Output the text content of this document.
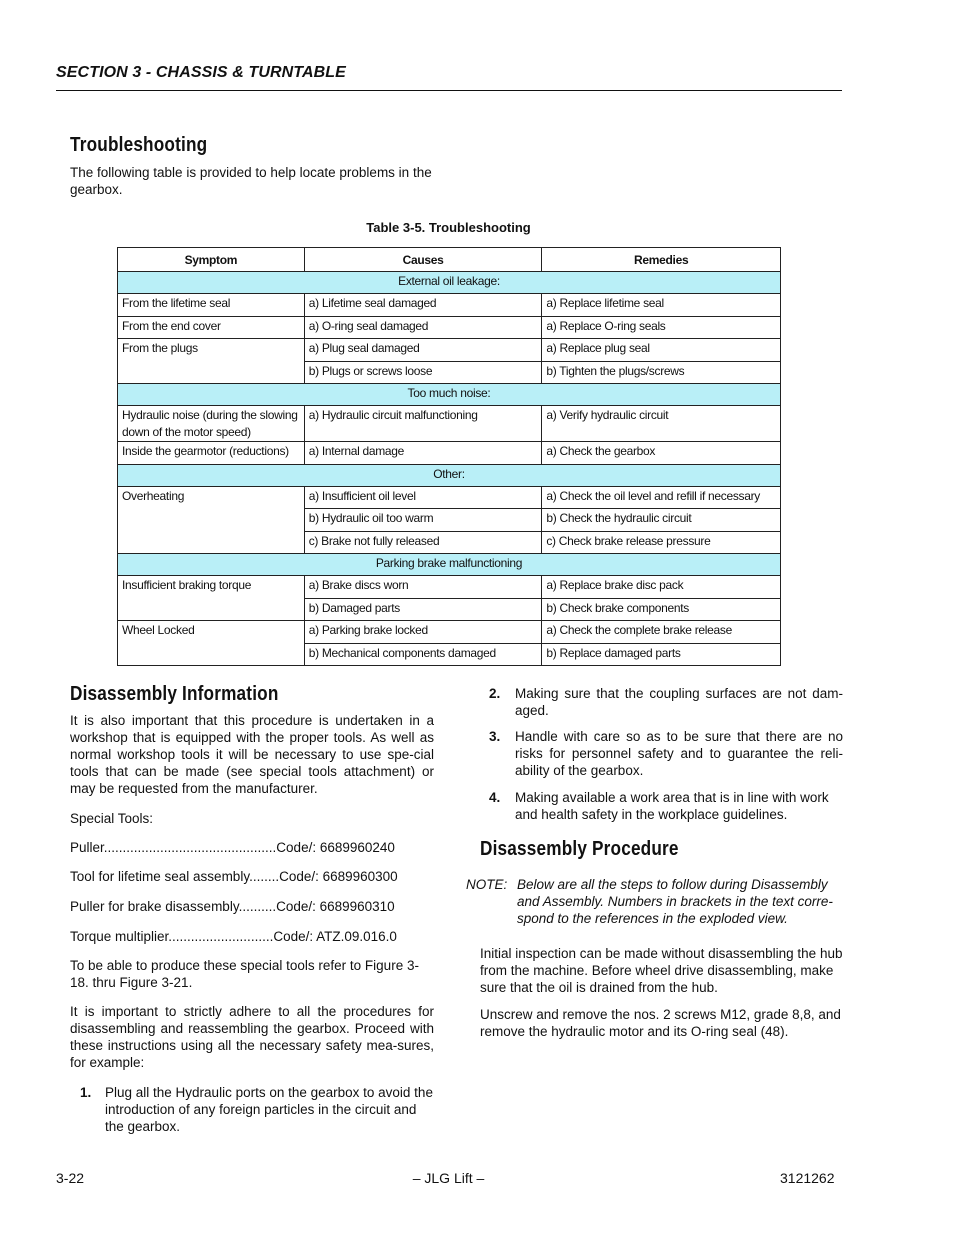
SECTION 3 - CHASSIS & TURNTABLE
Troubleshooting

The following table is provided to help locate problems in the gearbox.

Table 3-5. Troubleshooting
Symptom	Causes	Remedies
External oil leakage:		
From the lifetime seal	a) Lifetime seal damaged	a) Replace lifetime seal
From the end cover	a) O-ring seal damaged	a) Replace O-ring seals
From the plugs	a) Plug seal damaged	a) Replace plug seal
	b) Plugs or screws loose	b) Tighten the plugs/screws
Too much noise:		
Hydraulic noise (during the slowing down of the motor speed)	a) Hydraulic circuit malfunctioning	a) Verify hydraulic circuit
Inside the gearmotor (reductions)	a) Internal damage	a) Check the gearbox
Other:		
Overheating	a) Insufficient oil level	a) Check the oil level and refill if necessary
	b) Hydraulic oil too warm	b) Check the hydraulic circuit
	c) Brake not fully released	c) Check brake release pressure
Parking brake malfunctioning		
Insufficient braking torque	a) Brake discs worn	a) Replace brake disc pack
	b) Damaged parts	b) Check brake components
Wheel Locked	a) Parking brake locked	a) Check the complete brake release
	b) Mechanical components damaged	b) Replace damaged parts
Disassembly Information

It is also important that this procedure is undertaken in a workshop that is equipped with the proper tools. As well as normal workshop tools it will be necessary to use spe-cial tools that can be made (see special tools attachment) or may be requested from the manufacturer.

Special Tools:

Puller..............................................Code/: 6689960240

Tool for lifetime seal assembly........Code/: 6689960300

Puller for brake disassembly..........Code/: 6689960310

Torque multiplier............................Code/: ATZ.09.016.0

To be able to produce these special tools refer to Figure 3-18. thru Figure 3-21.

It is important to strictly adhere to all the procedures for disassembling and reassembling the gearbox. Proceed with these instructions using all the necessary safety mea-sures, for example:

1. Plug all the Hydraulic ports on the gearbox to avoid the introduction of any foreign particles in the circuit and the gearbox.
2. Making sure that the coupling surfaces are not dam-aged.
3. Handle with care so as to be sure that there are no risks for personnel safety and to guarantee the reli-ability of the gearbox.
4. Making available a work area that is in line with work and health safety in the workplace guidelines.
Disassembly Procedure
NOTE: Below are all the steps to follow during Disassembly and Assembly. Numbers in brackets in the text corre-spond to the references in the exploded view.

Initial inspection can be made without disassembling the hub from the machine. Before wheel drive disassembling, make sure that the oil is drained from the hub.

Unscrew and remove the nos. 2 screws M12, grade 8,8, and remove the hydraulic motor and its O-ring seal (48).

3-22	– JLG Lift –	3121262
